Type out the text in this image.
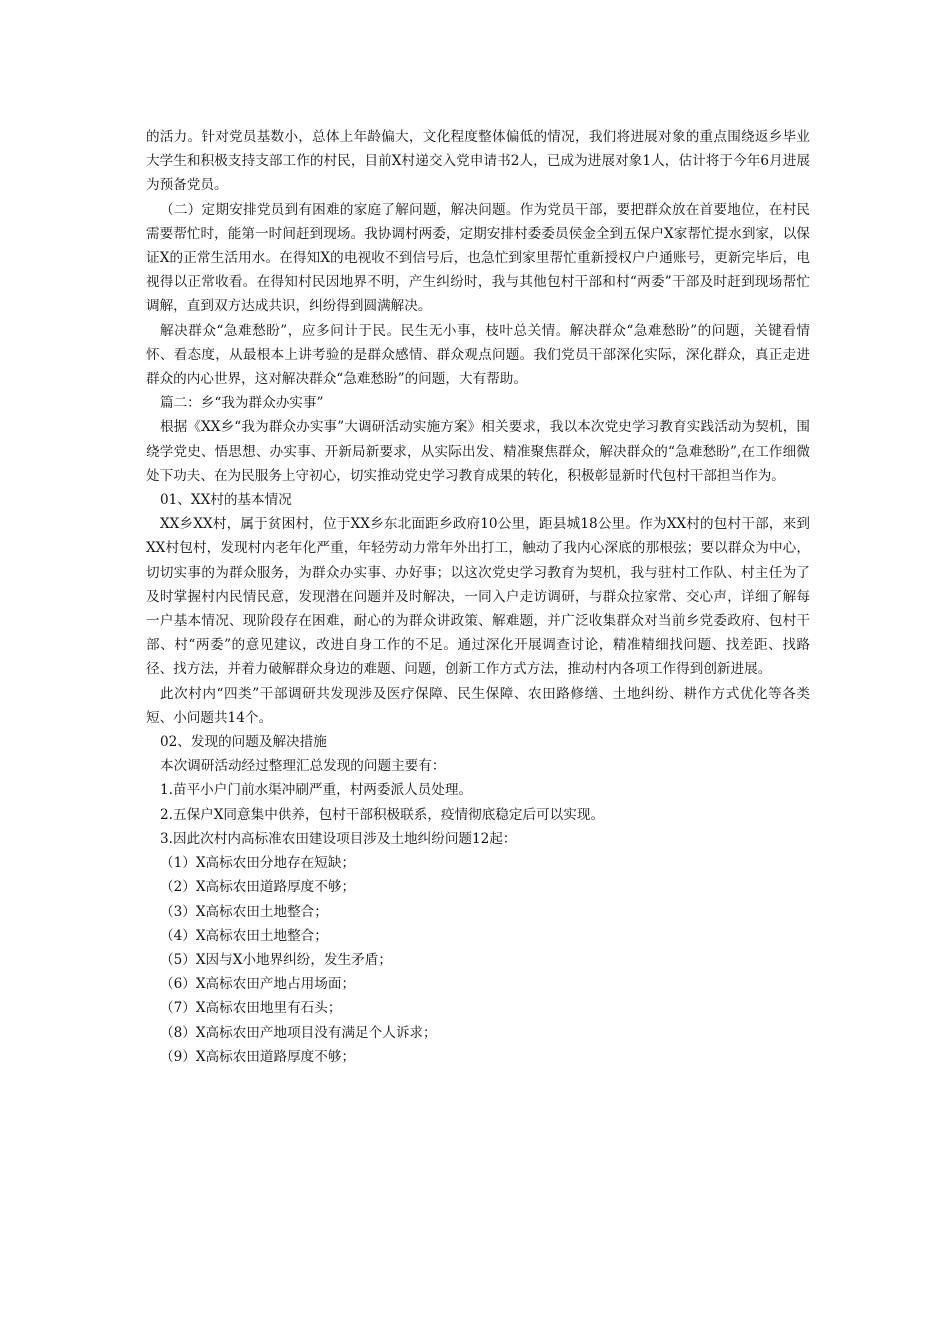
的活力。针对党员基数小，总体上年龄偏大，文化程度整体偏低的情况，我们将进展对象的重点围绕返乡毕业大学生和积极支持支部工作的村民，目前X村递交入党申请书2人，已成为进展对象1人，估计将于今年6月进展为预备党员。

（二）定期安排党员到有困难的家庭了解问题，解决问题。作为党员干部，要把群众放在首要地位，在村民需要帮忙时，能第一时间赶到现场。我协调村两委，定期安排村委委员侯金全到五保户X家帮忙提水到家，以保证X的正常生活用水。在得知X的电视收不到信号后，也急忙到家里帮忙重新授权户户通账号，更新完毕后，电视得以正常收看。在得知村民因地界不明，产生纠纷时，我与其他包村干部和村“两委”干部及时赶到现场帮忙调解，直到双方达成共识，纠纷得到圆满解决。

解决群众“急难愁盼”，应多问计于民。民生无小事，枝叶总关情。解决群众“急难愁盼”的问题，关键看情怀、看态度，从最根本上讲考验的是群众感情、群众观点问题。我们党员干部深化实际，深化群众，真正走进群众的内心世界，这对解决群众“急难愁盼”的问题，大有帮助。

篇二：乡“我为群众办实事”

根据《XX乡“我为群众办实事”大调研活动实施方案》相关要求，我以本次党史学习教育实践活动为契机，围绕学党史、悟思想、办实事、开新局新要求，从实际出发、精准聚焦群众，解决群众的“急难愁盼”,在工作细微处下功夫、在为民服务上守初心，切实推动党史学习教育成果的转化，积极彰显新时代包村干部担当作为。

01、XX村的基本情况

XX乡XX村，属于贫困村，位于XX乡东北面距乡政府10公里，距县城18公里。作为XX村的包村干部，来到XX村包村，发现村内老年化严重，年轻劳动力常年外出打工，触动了我内心深底的那根弦；要以群众为中心，切切实事的为群众服务，为群众办实事、办好事；以这次党史学习教育为契机，我与驻村工作队、村主任为了及时掌握村内民情民意，发现潜在问题并及时解决，一同入户走访调研，与群众拉家常、交心声，详细了解每一户基本情况、现阶段存在困难，耐心的为群众讲政策、解难题，并广泛收集群众对当前乡党委政府、包村干部、村“两委”的意见建议，改进自身工作的不足。通过深化开展调查讨论，精准精细找问题、找差距、找路径、找方法，并着力破解群众身边的难题、问题，创新工作方式方法，推动村内各项工作得到创新进展。

此次村内“四类”干部调研共发现涉及医疗保障、民生保障、农田路修缮、土地纠纷、耕作方式优化等各类短、小问题共14个。

02、发现的问题及解决措施

本次调研活动经过整理汇总发现的问题主要有：

1.苗平小户门前水渠冲刷严重，村两委派人员处理。

2.五保户X同意集中供养，包村干部积极联系，疫情彻底稳定后可以实现。

3.因此次村内高标准农田建设项目涉及土地纠纷问题12起：

（1）X高标农田分地存在短缺；

（2）X高标农田道路厚度不够；

（3）X高标农田土地整合；

（4）X高标农田土地整合；

（5）X因与X小地界纠纷，发生矛盾；

（6）X高标农田产地占用场面；

（7）X高标农田地里有石头；

（8）X高标农田产地项目没有满足个人诉求；

（9）X高标农田道路厚度不够；
